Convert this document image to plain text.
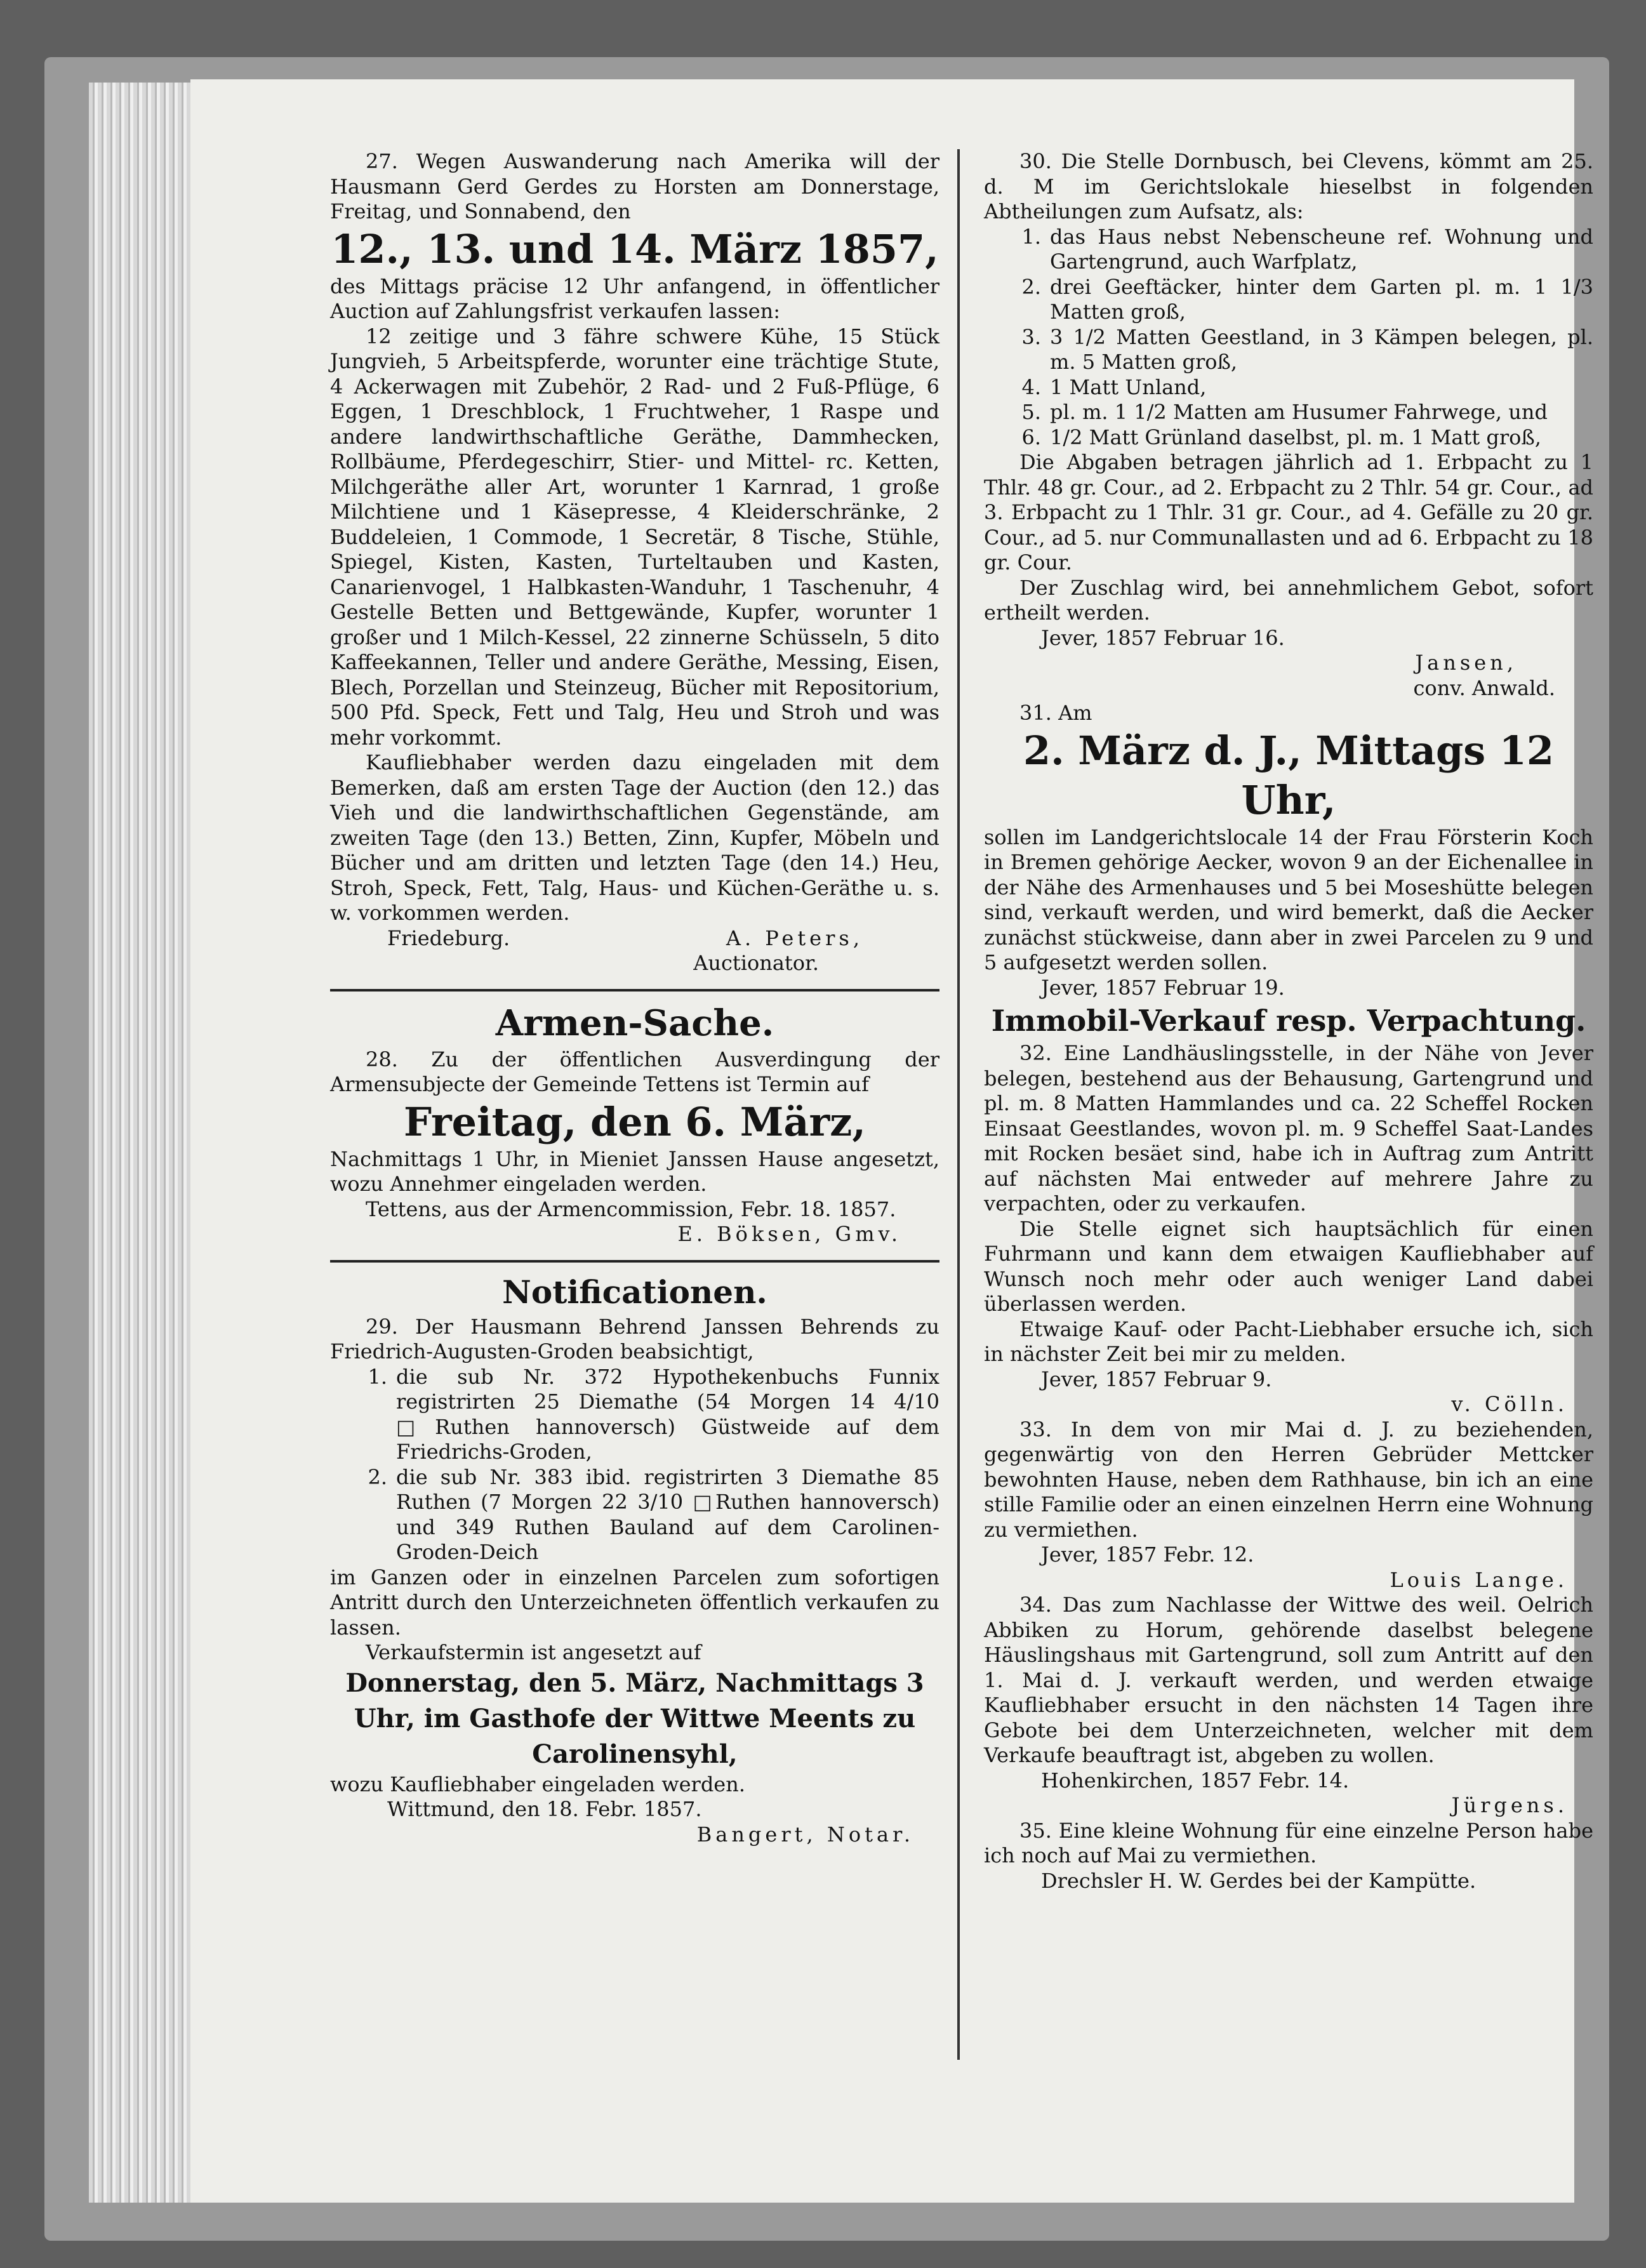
27. Wegen Auswanderung nach Amerika will der Hausmann Gerd Gerdes zu Horsten am Donnerstage, Freitag, und Sonnabend, den

12., 13. und 14. März 1857,

des Mittags präcise 12 Uhr anfangend, in öffentlicher Auction auf Zahlungsfrist verkaufen lassen:

12 zeitige und 3 fähre schwere Kühe, 15 Stück Jungvieh, 5 Arbeitspferde, worunter eine trächtige Stute, 4 Ackerwagen mit Zubehör, 2 Rad- und 2 Fuß-Pflüge, 6 Eggen, 1 Dreschblock, 1 Fruchtweher, 1 Raspe und andere landwirthschaftliche Geräthe, Dammhecken, Rollbäume, Pferdegeschirr, Stier- und Mittel- rc. Ketten, Milchgeräthe aller Art, worunter 1 Karnrad, 1 große Milchtiene und 1 Käsepresse, 4 Kleiderschränke, 2 Buddeleien, 1 Commode, 1 Secretär, 8 Tische, Stühle, Spiegel, Kisten, Kasten, Turteltauben und Kasten, Canarienvogel, 1 Halbkasten-Wanduhr, 1 Taschenuhr, 4 Gestelle Betten und Bettgewände, Kupfer, worunter 1 großer und 1 Milch-Kessel, 22 zinnerne Schüsseln, 5 dito Kaffeekannen, Teller und andere Geräthe, Messing, Eisen, Blech, Porzellan und Steinzeug, Bücher mit Repositorium, 500 Pfd. Speck, Fett und Talg, Heu und Stroh und was mehr vorkommt.

Kaufliebhaber werden dazu eingeladen mit dem Bemerken, daß am ersten Tage der Auction (den 12.) das Vieh und die landwirthschaftlichen Gegenstände, am zweiten Tage (den 13.) Betten, Zinn, Kupfer, Möbeln und Bücher und am dritten und letzten Tage (den 14.) Heu, Stroh, Speck, Fett, Talg, Haus- und Küchen-Geräthe u. s. w. vorkommen werden.

Friedeburg.	A. Peters,

Auctionator.

Armen-Sache.

28. Zu der öffentlichen Ausverdingung der Armensubjecte der Gemeinde Tettens ist Termin auf

Freitag, den 6. März,

Nachmittags 1 Uhr, in Mieniet Janssen Hause angesetzt, wozu Annehmer eingeladen werden.

Tettens, aus der Armencommission, Febr. 18. 1857.

E. Böksen, Gmv.

Notificationen.

29. Der Hausmann Behrend Janssen Behrends zu Friedrich-Augusten-Groden beabsichtigt,

1. die sub Nr. 372 Hypothekenbuchs Funnix registrirten 25 Diemathe (54 Morgen 14 4/10 □Ruthen hannoversch) Güstweide auf dem Friedrichs-Groden,
2. die sub Nr. 383 ibid. registrirten 3 Diemathe 85 Ruthen (7 Morgen 22 3/10 □Ruthen hannoversch) und 349 Ruthen Bauland auf dem Carolinen-Groden-Deich

im Ganzen oder in einzelnen Parcelen zum sofortigen Antritt durch den Unterzeichneten öffentlich verkaufen zu lassen.

Verkaufstermin ist angesetzt auf

Donnerstag, den 5. März, Nachmittags 3 Uhr, im Gasthofe der Wittwe Meents zu Carolinensyhl,

wozu Kaufliebhaber eingeladen werden.

Wittmund, den 18. Febr. 1857.

Bangert, Notar.

30. Die Stelle Dornbusch, bei Clevens, kömmt am 25. d. M im Gerichtslokale hieselbst in folgenden Abtheilungen zum Aufsatz, als:

1. das Haus nebst Nebenscheune ref. Wohnung und Gartengrund, auch Warfplatz,
2. drei Geeftäcker, hinter dem Garten pl. m. 1 1/3 Matten groß,
3. 3 1/2 Matten Geestland, in 3 Kämpen belegen, pl. m. 5 Matten groß,
4. 1 Matt Unland,
5. pl. m. 1 1/2 Matten am Husumer Fahrwege, und
6. 1/2 Matt Grünland daselbst, pl. m. 1 Matt groß,

Die Abgaben betragen jährlich ad 1. Erbpacht zu 1 Thlr. 48 gr. Cour., ad 2. Erbpacht zu 2 Thlr. 54 gr. Cour., ad 3. Erbpacht zu 1 Thlr. 31 gr. Cour., ad 4. Gefälle zu 20 gr. Cour., ad 5. nur Communallasten und ad 6. Erbpacht zu 18 gr. Cour.

Der Zuschlag wird, bei annehmlichem Gebot, sofort ertheilt werden.

Jever, 1857 Februar 16.

Jansen,

conv. Anwald.

31. Am

2. März d. J., Mittags 12 Uhr,

sollen im Landgerichtslocale 14 der Frau Försterin Koch in Bremen gehörige Aecker, wovon 9 an der Eichenallee in der Nähe des Armenhauses und 5 bei Moseshütte belegen sind, verkauft werden, und wird bemerkt, daß die Aecker zunächst stückweise, dann aber in zwei Parcelen zu 9 und 5 aufgesetzt werden sollen.

Jever, 1857 Februar 19.

Immobil-Verkauf resp. Verpachtung.

32. Eine Landhäuslingsstelle, in der Nähe von Jever belegen, bestehend aus der Behausung, Gartengrund und pl. m. 8 Matten Hammlandes und ca. 22 Scheffel Rocken Einsaat Geestlandes, wovon pl. m. 9 Scheffel Saat-Landes mit Rocken besäet sind, habe ich in Auftrag zum Antritt auf nächsten Mai entweder auf mehrere Jahre zu verpachten, oder zu verkaufen.

Die Stelle eignet sich hauptsächlich für einen Fuhrmann und kann dem etwaigen Kaufliebhaber auf Wunsch noch mehr oder auch weniger Land dabei überlassen werden.

Etwaige Kauf- oder Pacht-Liebhaber ersuche ich, sich in nächster Zeit bei mir zu melden.

Jever, 1857 Februar 9.

v. Cölln.

33. In dem von mir Mai d. J. zu beziehenden, gegenwärtig von den Herren Gebrüder Mettcker bewohnten Hause, neben dem Rathhause, bin ich an eine stille Familie oder an einen einzelnen Herrn eine Wohnung zu vermiethen.

Jever, 1857 Febr. 12.

Louis Lange.

34. Das zum Nachlasse der Wittwe des weil. Oelrich Abbiken zu Horum, gehörende daselbst belegene Häuslingshaus mit Gartengrund, soll zum Antritt auf den 1. Mai d. J. verkauft werden, und werden etwaige Kaufliebhaber ersucht in den nächsten 14 Tagen ihre Gebote bei dem Unterzeichneten, welcher mit dem Verkaufe beauftragt ist, abgeben zu wollen.

Hohenkirchen, 1857 Febr. 14.

Jürgens.

35. Eine kleine Wohnung für eine einzelne Person habe ich noch auf Mai zu vermiethen.

Drechsler H. W. Gerdes bei der Kampütte.
